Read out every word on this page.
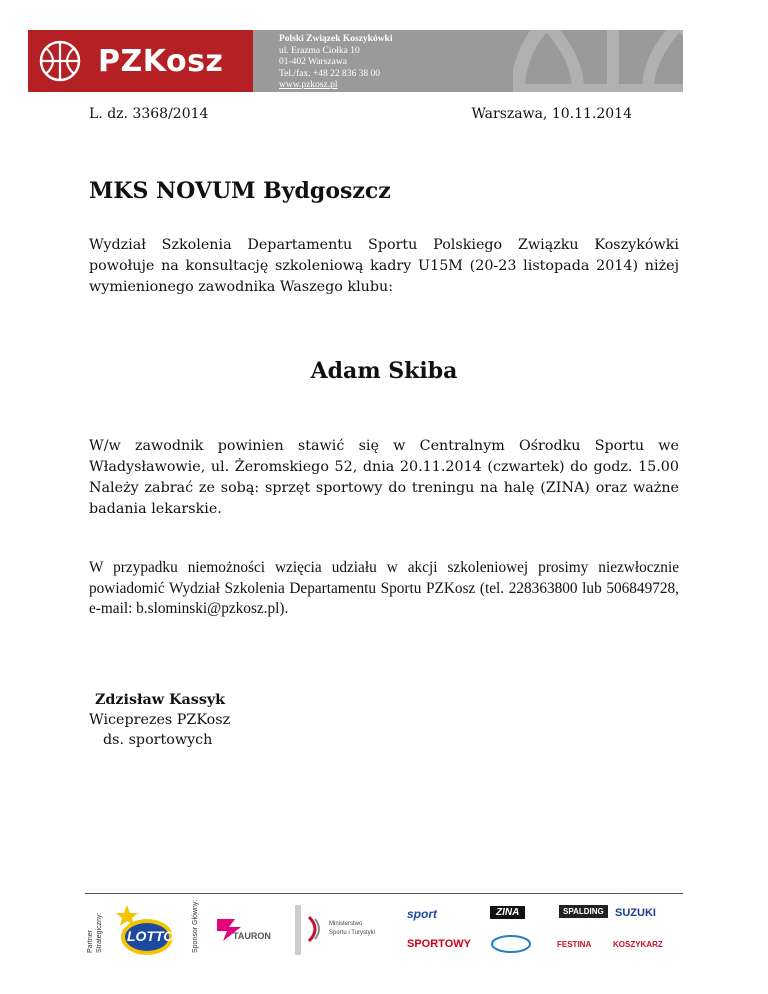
PZKosz
Polski Związek Koszykówki
ul. Erazma Ciołka 10
01-402 Warszawa
Tel./fax. +48 22 836 38 00
www.pzkosz.pl
L. dz. 3368/2014	Warszawa, 10.11.2014
MKS NOVUM Bydgoszcz

Wydział Szkolenia Departamentu Sportu Polskiego Związku Koszykówki powołuje na konsultację szkoleniową kadry U15M (20-23 listopada 2014) niżej wymienionego zawodnika Waszego klubu:

Adam Skiba

W/w zawodnik powinien stawić się w Centralnym Ośrodku Sportu we Władysławowie, ul. Żeromskiego 52, dnia 20.11.2014 (czwartek) do godz. 15.00 Należy zabrać ze sobą: sprzęt sportowy do treningu na halę (ZINA) oraz ważne badania lekarskie.

W przypadku niemożności wzięcia udziału w akcji szkoleniowej prosimy niezwłocznie powiadomić Wydział Szkolenia Departamentu Sportu PZKosz (tel. 228363800 lub 506849728, e-mail: b.slominski@pzkosz.pl).

Zdzisław Kassyk
Wiceprezes PZKosz
ds. sportowych
Partner Strategiczny: LOTTO	Sponsor Główny:	TAURON
Ministerstwo
Sportu i Turystyki
sport	ZINA	SPALDING	SUZUKI
SPORTOWY	FESTINA	KOSZYKARZ
